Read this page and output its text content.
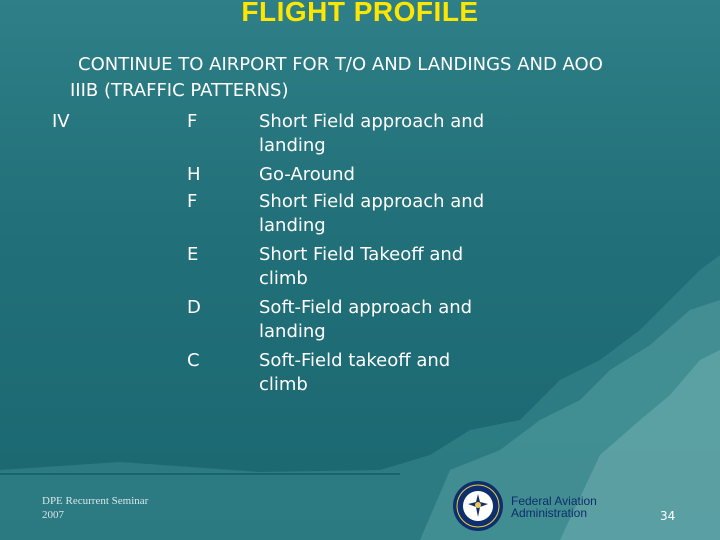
FLIGHT PROFILE
CONTINUE TO AIRPORT FOR T/O AND LANDINGS AND AOO
IIIB (TRAFFIC PATTERNS)
IV	F	Short Field approach and
landing
H	Go-Around
F	Short Field approach and
landing
E	Short Field Takeoff and
climb
D	Soft-Field approach and
landing
C	Soft-Field takeoff and
climb
DPE Recurrent Seminar
2007
Federal Aviation
Administration	34
